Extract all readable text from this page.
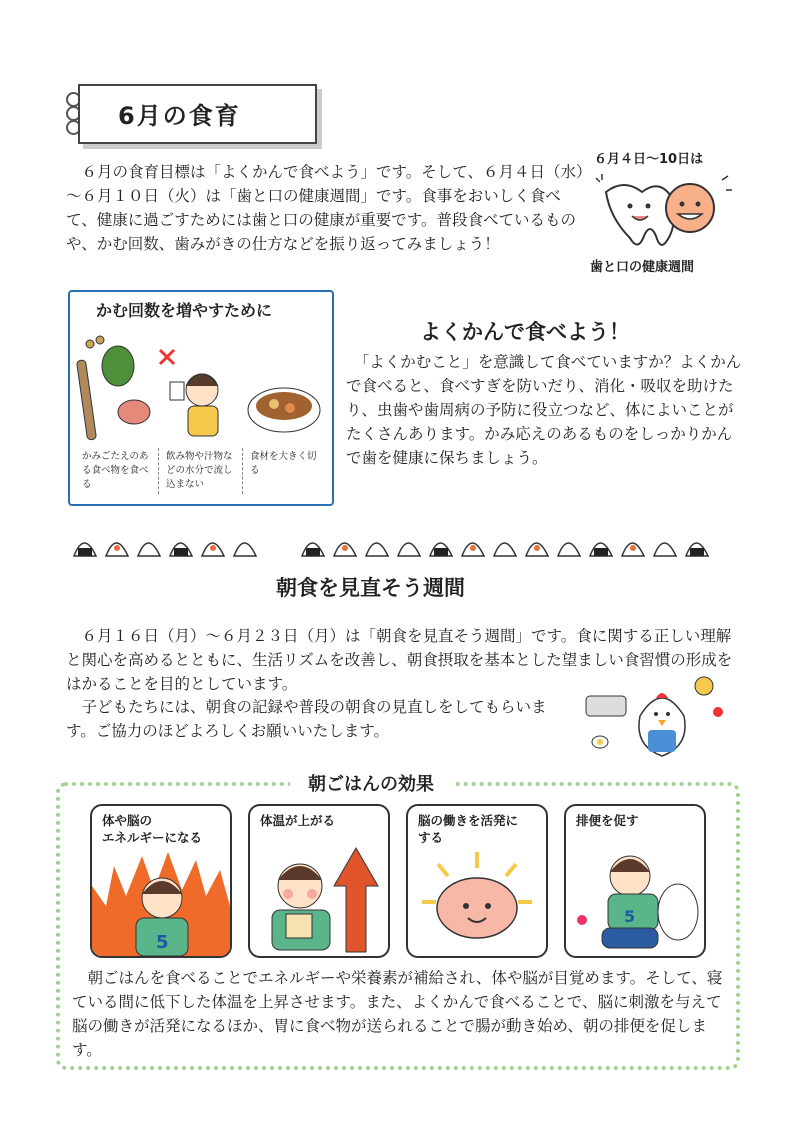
6月の食育

　６月の食育目標は「よくかんで食べよう」です。そして、６月４日（水）～６月１０日（火）は「歯と口の健康週間」です。食事をおいしく食べて、健康に過ごすためには歯と口の健康が重要です。普段食べているものや、かむ回数、歯みがきの仕方などを振り返ってみましょう！

６月４日～10日は
歯と口の健康週間
かむ回数を増やすために
かみごたえのある食べ物を食べる
飲み物や汁物などの水分で流し込まない
食材を大きく切る
よくかんで食べよう！

　「よくかむこと」を意識して食べていますか？よくかんで食べると、食べすぎを防いだり、消化・吸収を助けたり、虫歯や歯周病の予防に役立つなど、体によいことがたくさんあります。かみ応えのあるものをしっかりかんで歯を健康に保ちましょう。

朝食を見直そう週間

　６月１６日（月）～６月２３日（月）は「朝食を見直そう週間」です。食に関する正しい理解と関心を高めるとともに、生活リズムを改善し、朝食摂取を基本とした望ましい食習慣の形成をはかることを目的としています。

　子どもたちには、朝食の記録や普段の朝食の見直しをしてもらいます。ご協力のほどよろしくお願いいたします。

朝ごはんの効果
体や脳の
エネルギーになる
5
体温が上がる	脳の働きを活発に
する
排便を促す
5

　朝ごはんを食べることでエネルギーや栄養素が補給され、体や脳が目覚めます。そして、寝ている間に低下した体温を上昇させます。また、よくかんで食べることで、脳に刺激を与えて脳の働きが活発になるほか、胃に食べ物が送られることで腸が動き始め、朝の排便を促します。
